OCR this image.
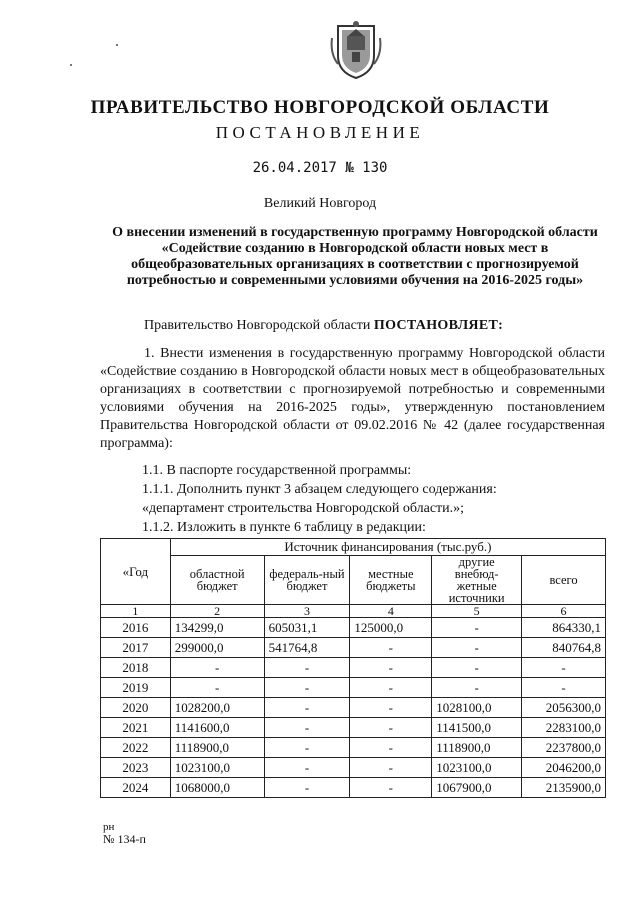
ПРАВИТЕЛЬСТВО НОВГОРОДСКОЙ ОБЛАСТИ
ПОСТАНОВЛЕНИЕ
26.04.2017 № 130
Великий Новгород
О внесении изменений в государственную программу Новгородской области «Содействие созданию в Новгородской области новых мест в общеобразовательных организациях в соответствии с прогнозируемой потребностью и современными условиями обучения на 2016-2025 годы»
Правительство Новгородской области ПОСТАНОВЛЯЕТ:
1. Внести изменения в государственную программу Новгородской области «Содействие созданию в Новгородской области новых мест в общеобразовательных организациях в соответствии с прогнозируемой потребностью и современными условиями обучения на 2016-2025 годы», утвержденную постановлением Правительства Новгородской области от 09.02.2016 № 42 (далее государственная программа):
1.1. В паспорте государственной программы:
1.1.1. Дополнить пункт 3 абзацем следующего содержания:
«департамент строительства Новгородской области.»;
1.1.2. Изложить в пункте 6 таблицу в редакции:
«Год	Источник финансирования (тыс.руб.)				
	областной бюджет	федераль-ный бюджет	местные бюджеты	другие внебюд-жетные источники	всего
1	2	3	4	5	6
2016	134299,0	605031,1	125000,0	-	864330,1
2017	299000,0	541764,8	-	-	840764,8
2018	-	-	-	-	-
2019	-	-	-	-	-
2020	1028200,0	-	-	1028100,0	2056300,0
2021	1141600,0	-	-	1141500,0	2283100,0
2022	1118900,0	-	-	1118900,0	2237800,0
2023	1023100,0	-	-	1023100,0	2046200,0
2024	1068000,0	-	-	1067900,0	2135900,0
рн
№ 134-п
